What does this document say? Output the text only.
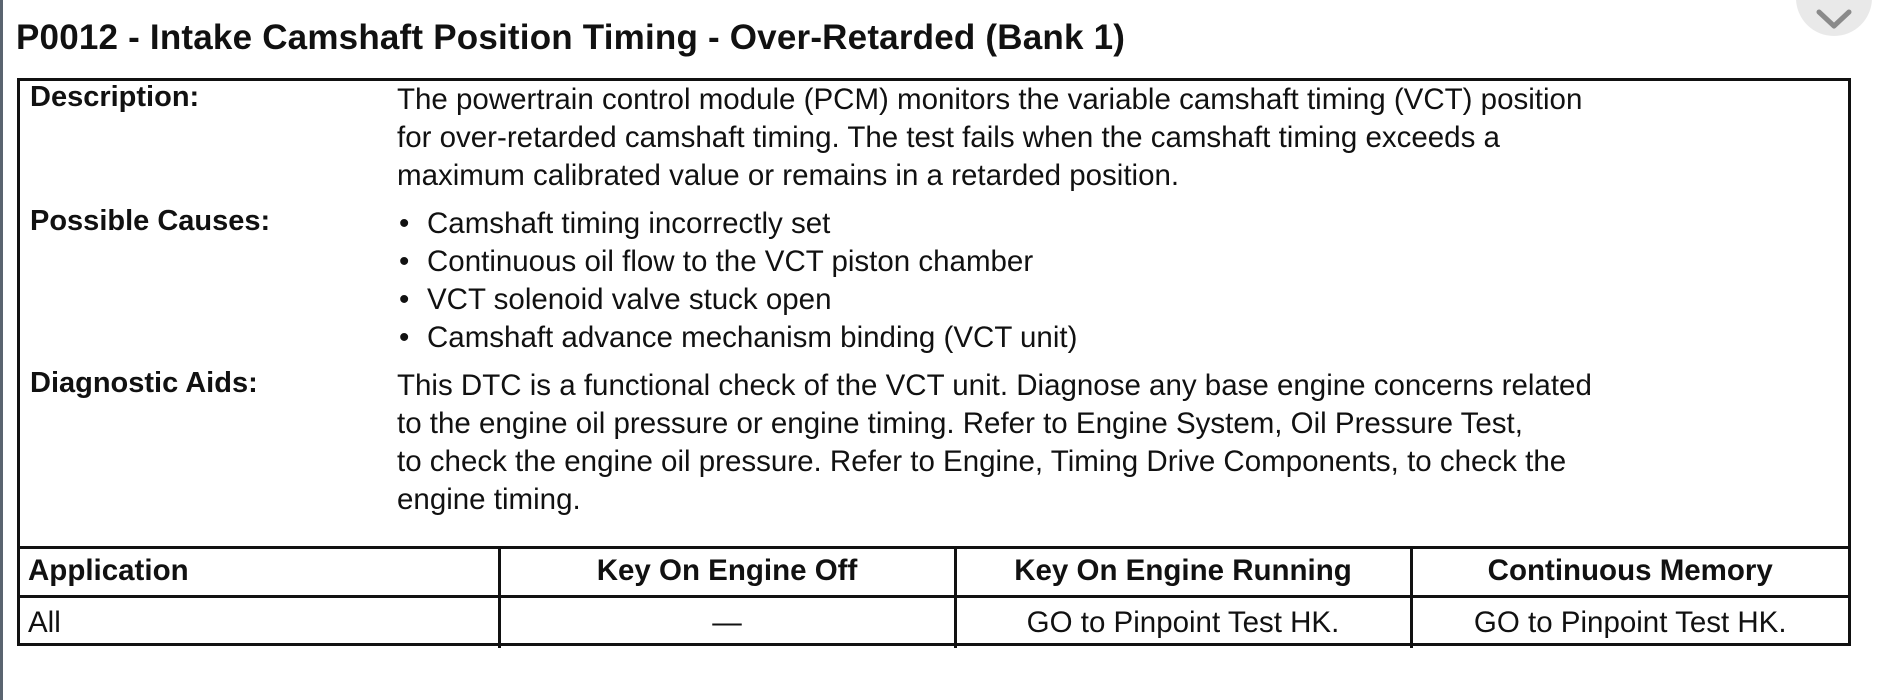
P0012 - Intake Camshaft Position Timing - Over-Retarded (Bank 1)
Description:	The powertrain control module (PCM) monitors the variable camshaft timing (VCT) position
for over-retarded camshaft timing. The test fails when the camshaft timing exceeds a
maximum calibrated value or remains in a retarded position.
Possible Causes:	• Camshaft timing incorrectly set
• Continuous oil flow to the VCT piston chamber
• VCT solenoid valve stuck open
• Camshaft advance mechanism binding (VCT unit)
Diagnostic Aids:	This DTC is a functional check of the VCT unit. Diagnose any base engine concerns related
to the engine oil pressure or engine timing. Refer to Engine System, Oil Pressure Test,
to check the engine oil pressure. Refer to Engine, Timing Drive Components, to check the
engine timing.
Application	Key On Engine Off	Key On Engine Running	Continuous Memory
All	—	GO to Pinpoint Test HK.	GO to Pinpoint Test HK.
